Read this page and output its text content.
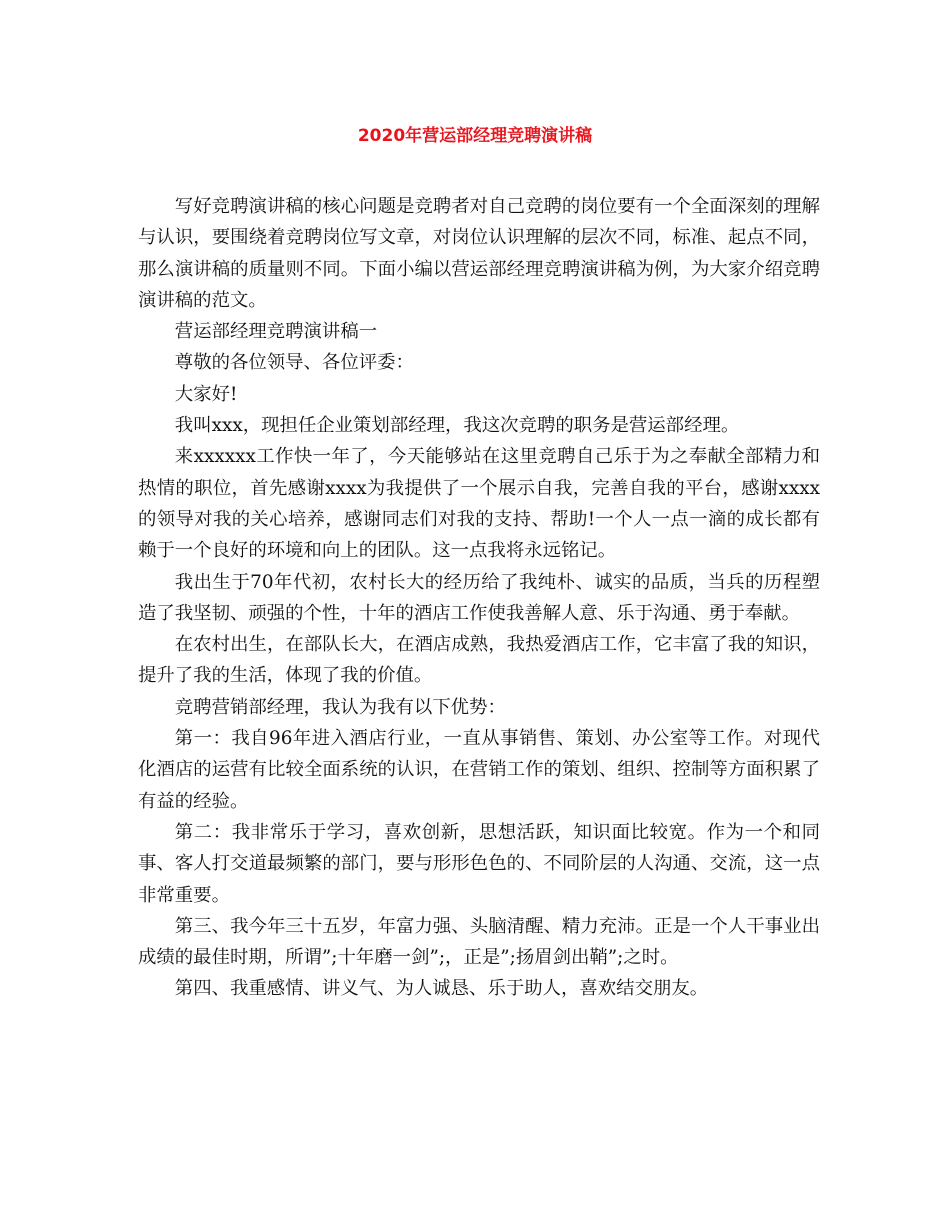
2020年营运部经理竞聘演讲稿

写好竞聘演讲稿的核心问题是竞聘者对自己竞聘的岗位要有一个全面深刻的理解与认识，要围绕着竞聘岗位写文章，对岗位认识理解的层次不同，标准、起点不同，那么演讲稿的质量则不同。下面小编以营运部经理竞聘演讲稿为例，为大家介绍竞聘演讲稿的范文。

营运部经理竞聘演讲稿一

尊敬的各位领导、各位评委：

大家好!

我叫xxx，现担任企业策划部经理，我这次竞聘的职务是营运部经理。

来xxxxxx工作快一年了，今天能够站在这里竞聘自己乐于为之奉献全部精力和热情的职位，首先感谢xxxx为我提供了一个展示自我，完善自我的平台，感谢xxxx的领导对我的关心培养，感谢同志们对我的支持、帮助!一个人一点一滴的成长都有赖于一个良好的环境和向上的团队。这一点我将永远铭记。

我出生于70年代初，农村长大的经历给了我纯朴、诚实的品质，当兵的历程塑造了我坚韧、顽强的个性，十年的酒店工作使我善解人意、乐于沟通、勇于奉献。

在农村出生，在部队长大，在酒店成熟，我热爱酒店工作，它丰富了我的知识，提升了我的生活，体现了我的价值。

竞聘营销部经理，我认为我有以下优势：

第一：我自96年进入酒店行业，一直从事销售、策划、办公室等工作。对现代化酒店的运营有比较全面系统的认识，在营销工作的策划、组织、控制等方面积累了有益的经验。

第二：我非常乐于学习，喜欢创新，思想活跃，知识面比较宽。作为一个和同事、客人打交道最频繁的部门，要与形形色色的、不同阶层的人沟通、交流，这一点非常重要。

第三、我今年三十五岁，年富力强、头脑清醒、精力充沛。正是一个人干事业出成绩的最佳时期，所谓”;十年磨一剑”;，正是”;扬眉剑出鞘”;之时。

第四、我重感情、讲义气、为人诚恳、乐于助人，喜欢结交朋友。
